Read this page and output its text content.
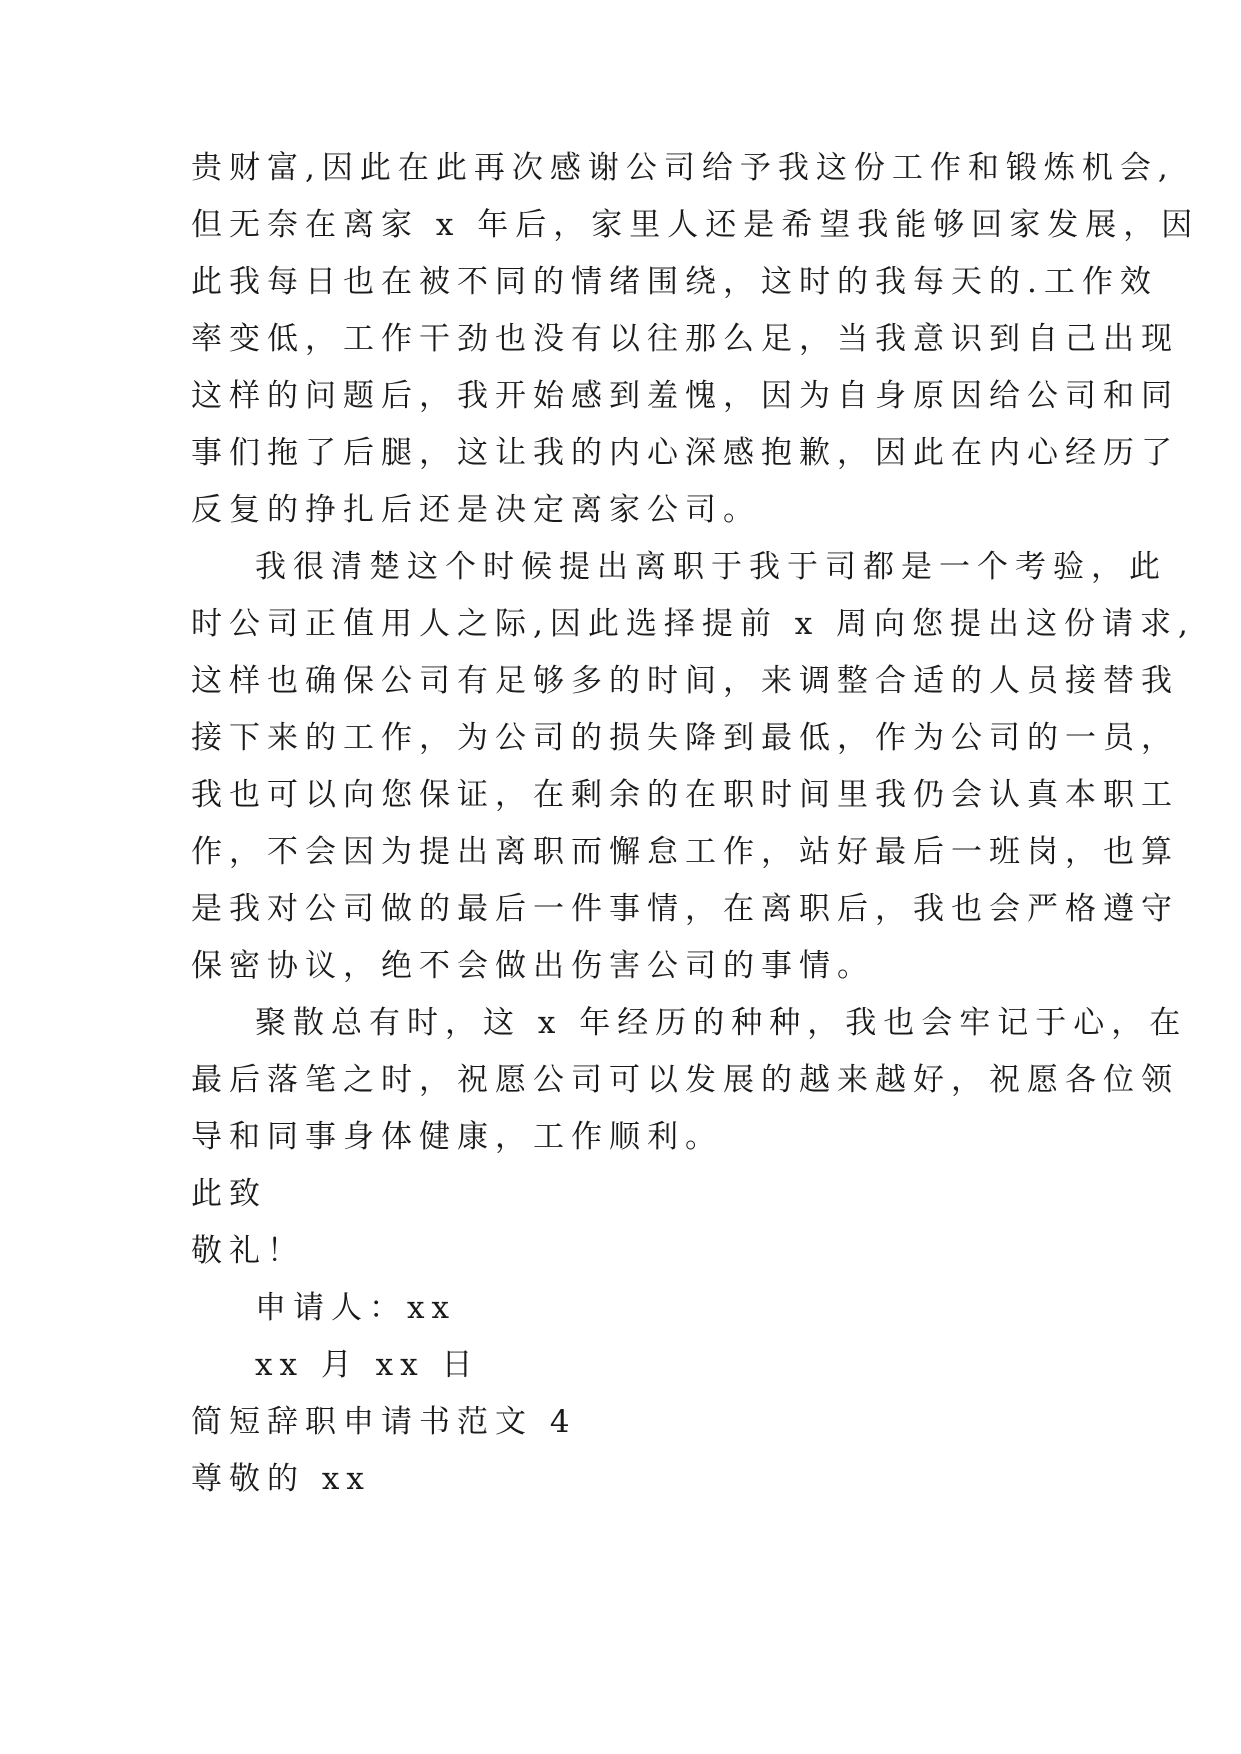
贵财富,因此在此再次感谢公司给予我这份工作和锻炼机会,

但无奈在离家 x 年后，家里人还是希望我能够回家发展，因

此我每日也在被不同的情绪围绕，这时的我每天的.工作效

率变低，工作干劲也没有以往那么足，当我意识到自己出现

这样的问题后，我开始感到羞愧，因为自身原因给公司和同

事们拖了后腿，这让我的内心深感抱歉，因此在内心经历了

反复的挣扎后还是决定离家公司。

我很清楚这个时候提出离职于我于司都是一个考验，此

时公司正值用人之际,因此选择提前 x 周向您提出这份请求,

这样也确保公司有足够多的时间，来调整合适的人员接替我

接下来的工作，为公司的损失降到最低，作为公司的一员，

我也可以向您保证，在剩余的在职时间里我仍会认真本职工

作，不会因为提出离职而懈怠工作，站好最后一班岗，也算

是我对公司做的最后一件事情，在离职后，我也会严格遵守

保密协议，绝不会做出伤害公司的事情。

聚散总有时，这 x 年经历的种种，我也会牢记于心，在

最后落笔之时，祝愿公司可以发展的越来越好，祝愿各位领

导和同事身体健康，工作顺利。

此致

敬礼！

申请人：xx

xx 月 xx 日

简短辞职申请书范文 4

尊敬的 xx
